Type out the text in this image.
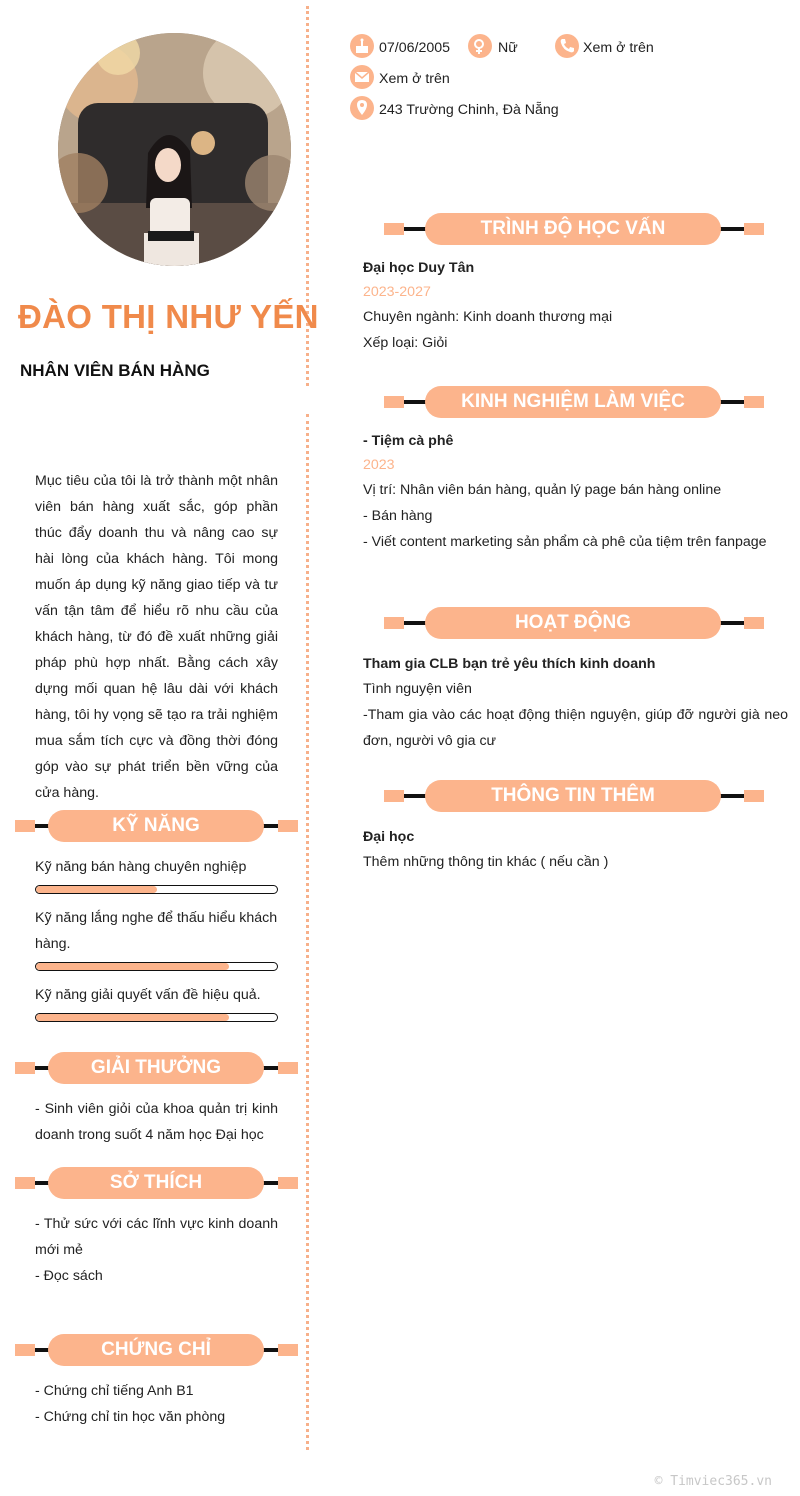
ĐÀO THỊ NHƯ YẾN
NHÂN VIÊN BÁN HÀNG
Mục tiêu của tôi là trở thành một nhân viên bán hàng xuất sắc, góp phần thúc đẩy doanh thu và nâng cao sự hài lòng của khách hàng. Tôi mong muốn áp dụng kỹ năng giao tiếp và tư vấn tận tâm để hiểu rõ nhu cầu của khách hàng, từ đó đề xuất những giải pháp phù hợp nhất. Bằng cách xây dựng mối quan hệ lâu dài với khách hàng, tôi hy vọng sẽ tạo ra trải nghiệm mua sắm tích cực và đồng thời đóng góp vào sự phát triển bền vững của cửa hàng.
KỸ NĂNG
Kỹ năng bán hàng chuyên nghiệp
Kỹ năng lắng nghe để thấu hiểu khách hàng.
Kỹ năng giải quyết vấn đề hiệu quả.
GIẢI THƯỞNG
- Sinh viên giỏi của khoa quản trị kinh doanh trong suốt 4 năm học Đại học
SỞ THÍCH
- Thử sức với các lĩnh vực kinh doanh mới mẻ
- Đọc sách
CHỨNG CHỈ
- Chứng chỉ tiếng Anh B1
- Chứng chỉ tin học văn phòng
07/06/2005	Nữ	Xem ở trên
Xem ở trên
243 Trường Chinh, Đà Nẵng
TRÌNH ĐỘ HỌC VẤN
Đại học Duy Tân
2023-2027
Chuyên ngành: Kinh doanh thương mại
Xếp loại: Giỏi
KINH NGHIỆM LÀM VIỆC
- Tiệm cà phê
2023
Vị trí: Nhân viên bán hàng, quản lý page bán hàng online
- Bán hàng
- Viết content marketing sản phẩm cà phê của tiệm trên fanpage
HOẠT ĐỘNG
Tham gia CLB bạn trẻ yêu thích kinh doanh
Tình nguyện viên
-Tham gia vào các hoạt động thiện nguyện, giúp đỡ người già neo đơn, người vô gia cư
THÔNG TIN THÊM
Đại học
Thêm những thông tin khác ( nếu cần )
© Timviec365.vn
